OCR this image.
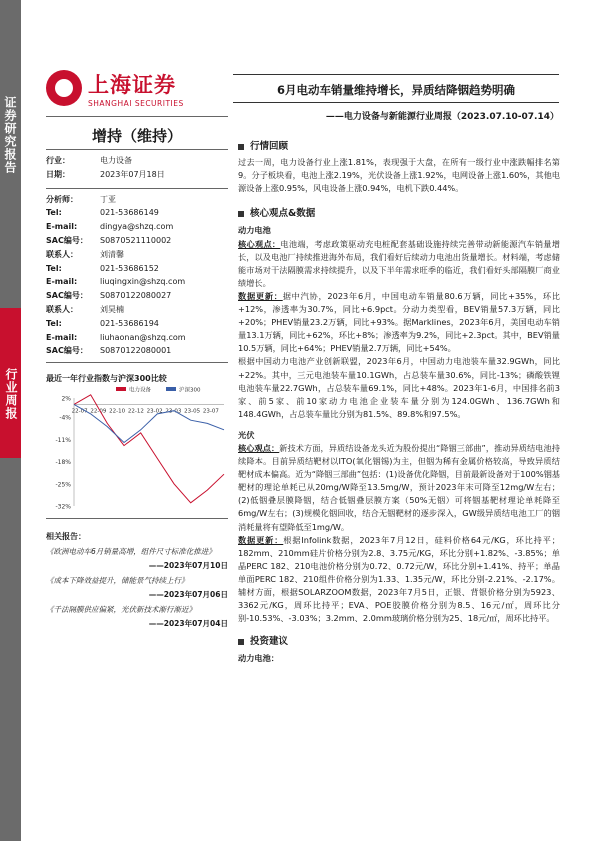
证券研究报告
行业周报
上海证券
SHANGHAI SECURITIES
增持（维持）
行业：	电力设备
日期：	2023年07月18日
分析师：	丁亚
Tel:	021-53686149
E-mail:	dingya@shzq.com
SAC编号：	S0870521110002
联系人：	刘清馨
Tel:	021-53686152
E-mail:	liuqingxin@shzq.com
SAC编号：	S0870122080027
联系人：	刘昊楠
Tel:	021-53686194
E-mail:	liuhaonan@shzq.com
SAC编号：	S0870122080001
最近一年行业指数与沪深300比较
2%
-4%
-11%
-18%
-25%
-32%
22-07 22-09 22-10 22-12 23-02 23-03 23-05 23-07
电力设备	沪深300
相关报告：
《欧洲电动车6月销量高增，组件尺寸标准化推进》
——2023年07月10日
《成本下降效益提升，储能景气持续上行》
——2023年07月06日
《千法隔膜供应偏紧，光伏新技术渐行渐近》
——2023年07月04日
6月电动车销量维持增长，异质结降铟趋势明确
——电力设备与新能源行业周报（2023.07.10-07.14）
行情回顾
过去一周，电力设备行业上涨1.81%，表现强于大盘，在所有一级行业中涨跌幅排名第9。分子板块看，电池上涨2.19%，光伏设备上涨1.92%，电网设备上涨1.60%，其他电源设备上涨0.95%，风电设备上涨0.94%，电机下跌0.44%。
核心观点&数据
动力电池
核心观点：电池端，考虑政策驱动充电桩配套基础设施持续完善带动新能源汽车销量增长，以及电池厂持续推进海外布局，我们看好后续动力电池出货量增长。材料端，考虑储能市场对干法隔膜需求持续提升，以及下半年需求旺季的临近，我们看好头部隔膜厂商业绩增长。
数据更新：据中汽协，2023年6月，中国电动车销量80.6万辆，同比+35%，环比+12%，渗透率为30.7%，同比+6.9pct。分动力类型看，BEV销量57.3万辆，同比+20%；PHEV销量23.2万辆，同比+93%。据Marklines，2023年6月，美国电动车销量13.1万辆，同比+62%，环比+8%；渗透率为9.2%，同比+2.3pct。其中，BEV销量10.5万辆，同比+64%；PHEV销量2.7万辆，同比+54%。
根据中国动力电池产业创新联盟，2023年6月，中国动力电池装车量32.9GWh，同比+22%。其中，三元电池装车量10.1GWh，占总装车量30.6%，同比-13%；磷酸铁锂电池装车量22.7GWh，占总装车量69.1%，同比+48%。2023年1-6月，中国排名前3家、前5家、前10家动力电池企业装车量分别为124.0GWh、136.7GWh和148.4GWh，占总装车量比分别为81.5%、89.8%和97.5%。
光伏
核心观点：新技术方面，异质结设备龙头近为股份提出“降铟三部曲”，推动异质结电池持续降本。目前异质结靶材以ITO(氧化铟锡)为主，但铟为稀有金属价格较高，导致异质结靶材成本偏高。近为“降铟三部曲”包括：(1)设备优化降铟，目前最新设备对于100%铟基靶材的理论单耗已从20mg/W降至13.5mg/W，预计2023年末可降至12mg/W左右；(2)低铟叠层膜降铟，结合低铟叠层膜方案（50%无铟）可将铟基靶材理论单耗降至6mg/W左右；(3)规模化铟回收，结合无铟靶材的逐步深入，GW级异质结电池工厂的铟消耗量将有望降低至1mg/W。
数据更新：根据Infolink数据，2023年7月12日，硅料价格64元/KG，环比持平；182mm、210mm硅片价格分别为2.8、3.75元/KG，环比分别+1.82%、-3.85%；单晶PERC 182、210电池价格分别为0.72、0.72元/W，环比分别+1.41%、持平；单晶单面PERC 182、210组件价格分别为1.33、1.35元/W，环比分别-2.21%、-2.17%。辅材方面，根据SOLARZOOM数据，2023年7月5日，正银、背银价格分别为5923、3362元/KG，周环比持平；EVA、POE胶膜价格分别为8.5、16元/㎡，周环比分别-10.53%、-3.03%；3.2mm、2.0mm玻璃价格分别为25、18元/㎡，周环比持平。
投资建议
动力电池：
